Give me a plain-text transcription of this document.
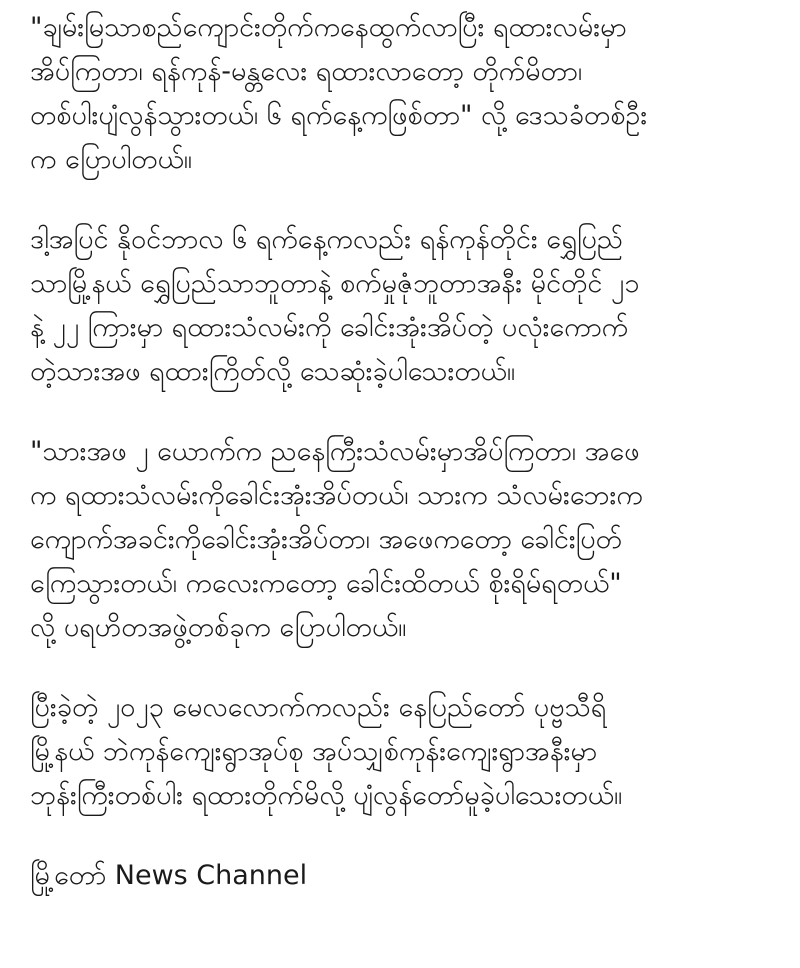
"ချမ်းမြသာစည်ကျောင်းတိုက်ကနေထွက်လာပြီး ရထားလမ်းမှာ
အိပ်ကြတာ၊ ရန်ကုန်-မန္တလေး ရထားလာတော့ တိုက်မိတာ၊
တစ်ပါးပျံလွန်သွားတယ်၊ ၆ ရက်နေ့ကဖြစ်တာ" လို့ ဒေသခံတစ်ဦး
က ပြောပါတယ်။

ဒါ့အပြင် နိုဝင်ဘာလ ၆ ရက်နေ့ကလည်း ရန်ကုန်တိုင်း ရွှေပြည်
သာမြို့နယ် ရွှေပြည်သာဘူတာနဲ့ စက်မှုဇုံဘူတာအနီး မိုင်တိုင် ၂၁
နဲ့ ၂၂ ကြားမှာ ရထားသံလမ်းကို ခေါင်းအုံးအိပ်တဲ့ ပလုံးကောက်
တဲ့သားအဖ ရထားကြိတ်လို့ သေဆုံးခဲ့ပါသေးတယ်။

"သားအဖ ၂ ယောက်က ညနေကြီးသံလမ်းမှာအိပ်ကြတာ၊ အဖေ
က ရထားသံလမ်းကိုခေါင်းအုံးအိပ်တယ်၊ သားက သံလမ်းဘေးက
ကျောက်အခင်းကိုခေါင်းအုံးအိပ်တာ၊ အဖေကတော့ ခေါင်းပြတ်
ကြေသွားတယ်၊ ကလေးကတော့ ခေါင်းထိတယ် စိုးရိမ်ရတယ်"
လို့ ပရဟိတအဖွဲ့တစ်ခုက ပြောပါတယ်။

ပြီးခဲ့တဲ့ ၂၀၂၃ မေလလောက်ကလည်း နေပြည်တော် ပုဗ္ဗသီရိ
မြို့နယ် ဘဲကုန်ကျေးရွာအုပ်စု အုပ်သျှစ်ကုန်းကျေးရွာအနီးမှာ
ဘုန်းကြီးတစ်ပါး ရထားတိုက်မိလို့ ပျံလွန်တော်မူခဲ့ပါသေးတယ်။

မြို့တော် News Channel
